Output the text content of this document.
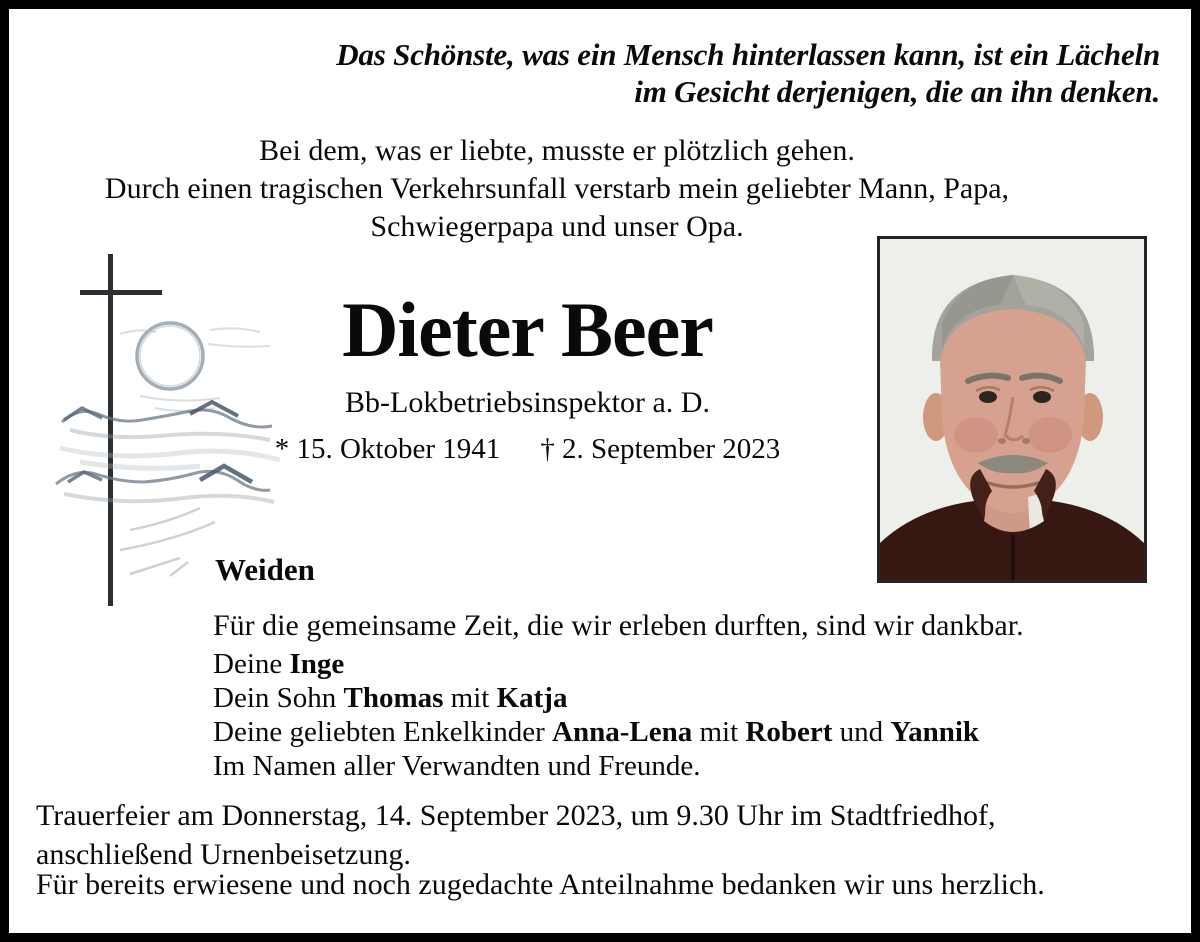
Das Schönste, was ein Mensch hinterlassen kann, ist ein Lächeln
im Gesicht derjenigen, die an ihn denken.
Bei dem, was er liebte, musste er plötzlich gehen.
Durch einen tragischen Verkehrsunfall verstarb mein geliebter Mann, Papa,
Schwiegerpapa und unser Opa.
Dieter Beer
Bb-Lokbetriebsinspektor a. D.
* 15. Oktober 1941 † 2. September 2023
Weiden
Für die gemeinsame Zeit, die wir erleben durften, sind wir dankbar.
Deine Inge
Dein Sohn Thomas mit Katja
Deine geliebten Enkelkinder Anna-Lena mit Robert und Yannik
Im Namen aller Verwandten und Freunde.
Trauerfeier am Donnerstag, 14. September 2023, um 9.30 Uhr im Stadtfriedhof,
anschließend Urnenbeisetzung.
Für bereits erwiesene und noch zugedachte Anteilnahme bedanken wir uns herzlich.
